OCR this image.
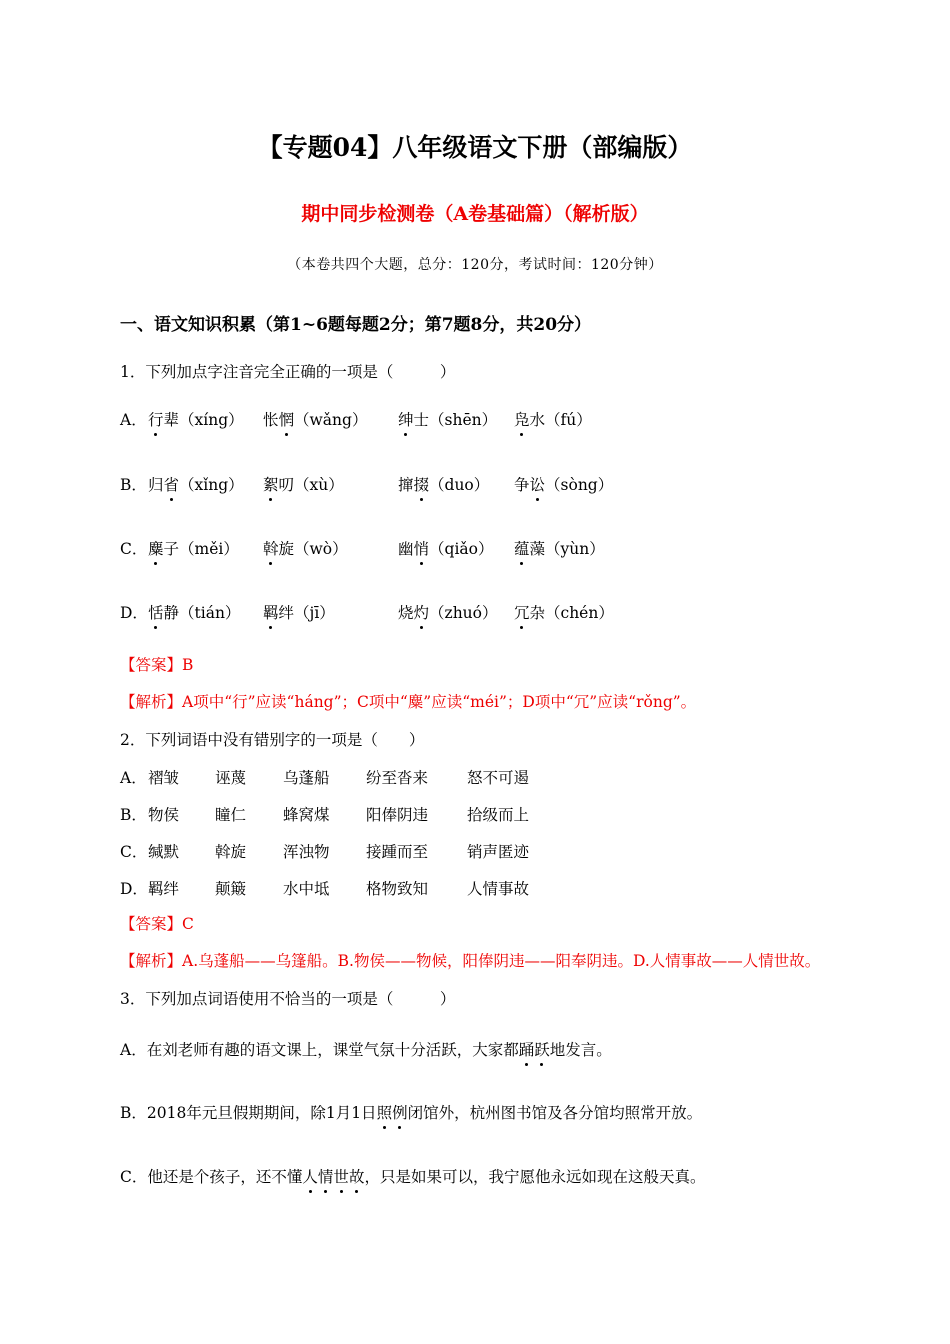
【专题04】八年级语文下册（部编版）
期中同步检测卷（A卷基础篇）（解析版）
（本卷共四个大题，总分：120分，考试时间：120分钟）
一、语文知识积累（第1~6题每题2分；第7题8分，共20分）
1．下列加点字注音完全正确的一项是（　　　）
A． 行辈（xíng） 怅惘（wǎng） 绅士（shēn） 凫水（fú）
B． 归省（xǐng） 絮叨（xù）	撺掇（duo） 争讼（sòng）
C． 麋子（měi） 斡旋（wò）	幽悄（qiǎo） 蕴藻（yùn）
D． 恬静（tián） 羁绊（jī）	烧灼（zhuó） 冗杂（chén）
【答案】B
【解析】A项中“行”应读“háng”；C项中“麋”应读“méi”；D项中“冗”应读“rǒng”。
2．下列词语中没有错别字的一项是（　　）
A． 褶皱 诬蔑 乌蓬船 纷至沓来	怒不可遏
B． 物侯 瞳仁 蜂窝煤 阳俸阴违	拾级而上
C． 缄默 斡旋 浑浊物 接踵而至	销声匿迹
D． 羁绊 颠簸 水中坻 格物致知	人情事故
【答案】C
【解析】A.乌蓬船——乌篷船。B.物侯——物候，阳俸阴违——阳奉阴违。D.人情事故——人情世故。
3．下列加点词语使用不恰当的一项是（　　　）
A．在刘老师有趣的语文课上，课堂气氛十分活跃，大家都踊跃地发言。
B．2018年元旦假期期间，除1月1日照例闭馆外，杭州图书馆及各分馆均照常开放。
C．他还是个孩子，还不懂人情世故，只是如果可以，我宁愿他永远如现在这般天真。
